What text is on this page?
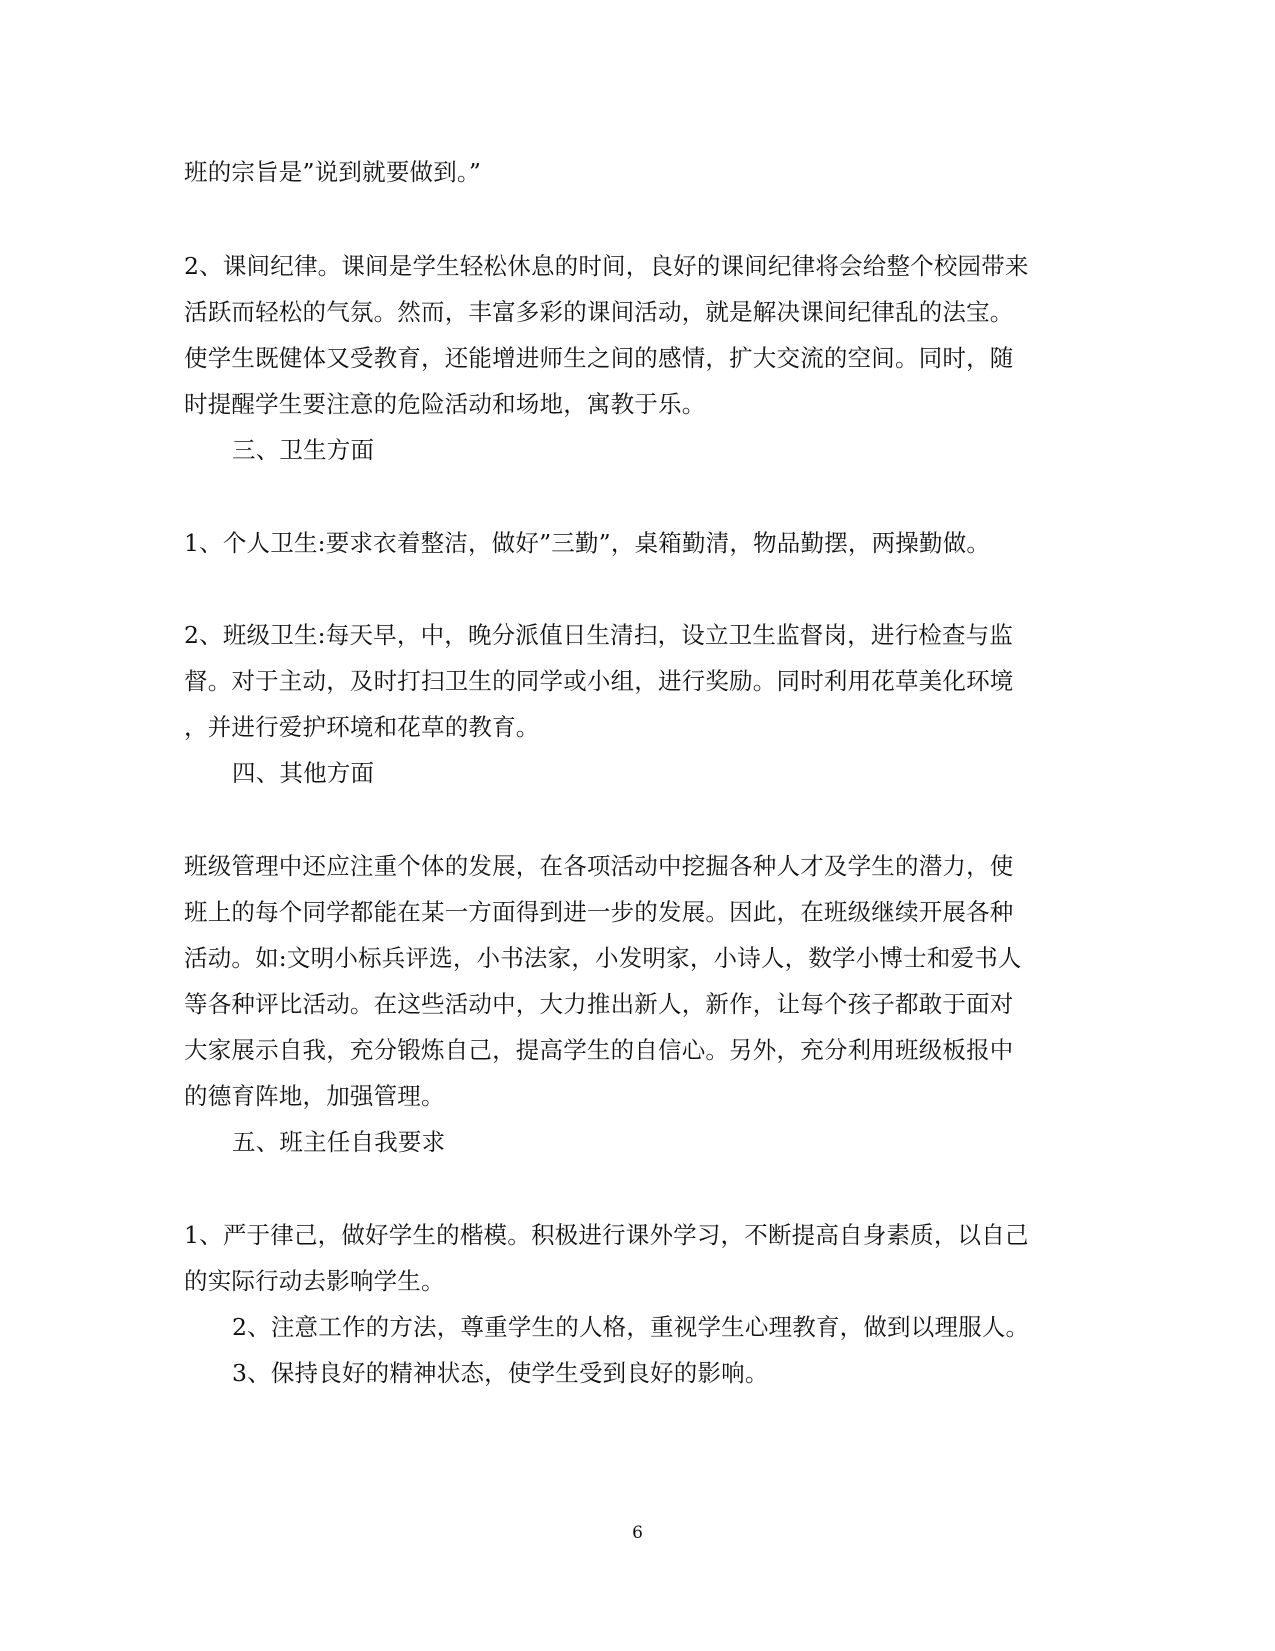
班的宗旨是”说到就要做到。”
2、课间纪律。课间是学生轻松休息的时间，良好的课间纪律将会给整个校园带来
活跃而轻松的气氛。然而，丰富多彩的课间活动，就是解决课间纪律乱的法宝。
使学生既健体又受教育，还能增进师生之间的感情，扩大交流的空间。同时，随
时提醒学生要注意的危险活动和场地，寓教于乐。
三、卫生方面
1、个人卫生:要求衣着整洁，做好”三勤”，桌箱勤清，物品勤摆，两操勤做。
2、班级卫生:每天早，中，晚分派值日生清扫，设立卫生监督岗，进行检查与监
督。对于主动，及时打扫卫生的同学或小组，进行奖励。同时利用花草美化环境
，并进行爱护环境和花草的教育。
四、其他方面
班级管理中还应注重个体的发展，在各项活动中挖掘各种人才及学生的潜力，使
班上的每个同学都能在某一方面得到进一步的发展。因此，在班级继续开展各种
活动。如:文明小标兵评选，小书法家，小发明家，小诗人，数学小博士和爱书人
等各种评比活动。在这些活动中，大力推出新人，新作，让每个孩子都敢于面对
大家展示自我，充分锻炼自己，提高学生的自信心。另外，充分利用班级板报中
的德育阵地，加强管理。
五、班主任自我要求
1、严于律己，做好学生的楷模。积极进行课外学习，不断提高自身素质，以自己
的实际行动去影响学生。
2、注意工作的方法，尊重学生的人格，重视学生心理教育，做到以理服人。
3、保持良好的精神状态，使学生受到良好的影响。
6
